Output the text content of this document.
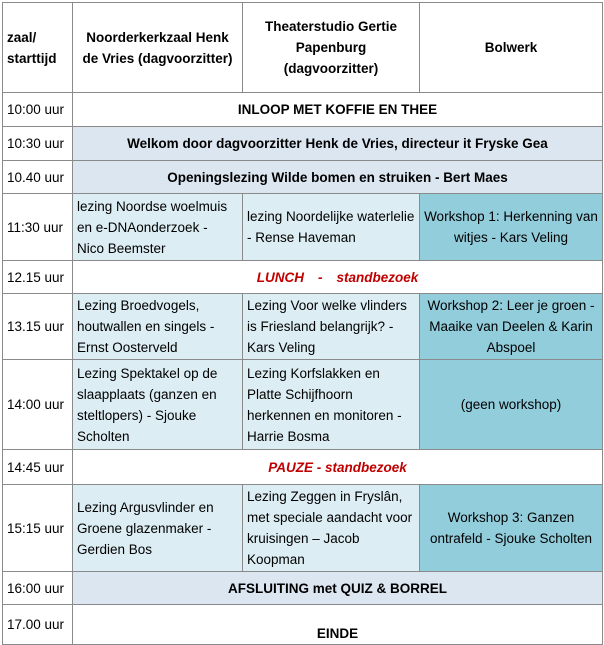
zaal/ starttijd	Noorderkerkzaal Henk de Vries (dagvoorzitter)	Theaterstudio Gertie Papenburg (dagvoorzitter)	Bolwerk
10:00 uur	INLOOP MET KOFFIE EN THEE		
10:30 uur	Welkom door dagvoorzitter Henk de Vries, directeur it Fryske Gea		
10.40 uur	Openingslezing Wilde bomen en struiken - Bert Maes		
11:30 uur	lezing Noordse woelmuis en e-DNAonderzoek - Nico Beemster	lezing Noordelijke waterlelie - Rense Haveman	Workshop 1: Herkenning van witjes - Kars Veling
12.15 uur	LUNCH - standbezoek		
13.15 uur	Lezing Broedvogels, houtwallen en singels - Ernst Oosterveld	Lezing Voor welke vlinders is Friesland belangrijk? - Kars Veling	Workshop 2: Leer je groen - Maaike van Deelen & Karin Abspoel
14:00 uur	Lezing Spektakel op de slaapplaats (ganzen en steltlopers) - Sjouke Scholten	Lezing Korfslakken en Platte Schijfhoorn herkennen en monitoren - Harrie Bosma	(geen workshop)
14:45 uur	PAUZE - standbezoek		
15:15 uur	Lezing Argusvlinder en Groene glazenmaker - Gerdien Bos	Lezing Zeggen in Fryslân, met speciale aandacht voor kruisingen – Jacob Koopman	Workshop 3: Ganzen ontrafeld - Sjouke Scholten
16:00 uur	AFSLUITING met QUIZ & BORREL		
17.00 uur	EINDE		
